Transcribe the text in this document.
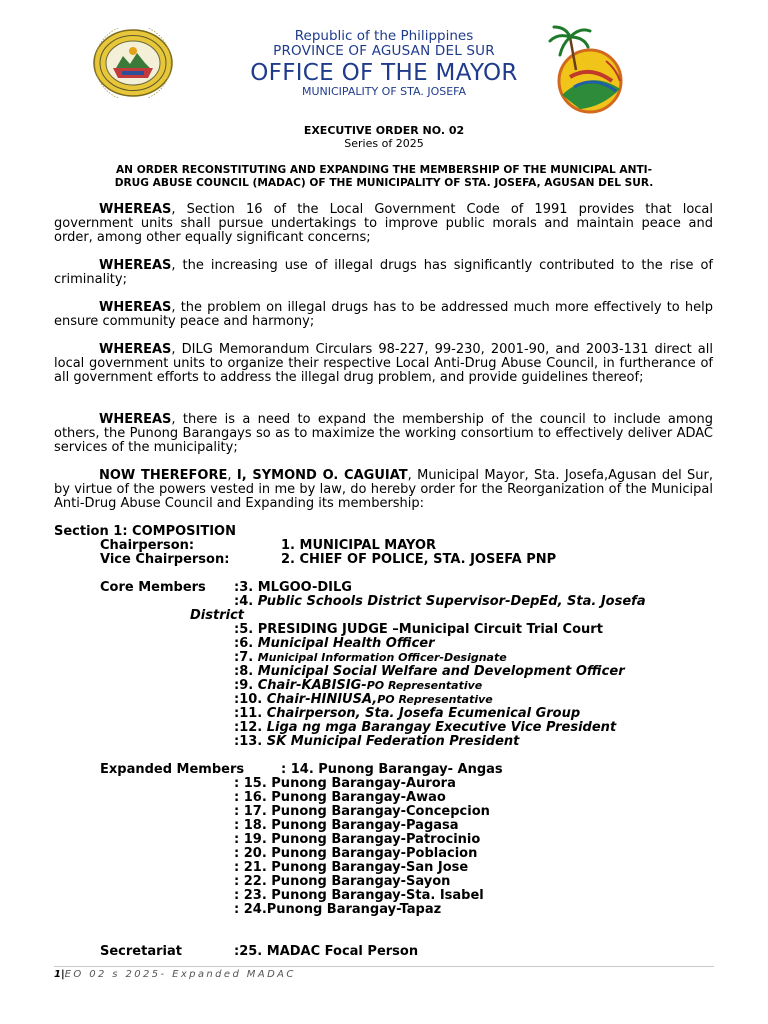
Republic of the Philippines
PROVINCE OF AGUSAN DEL SUR
OFFICE OF THE MAYOR
MUNICIPALITY OF STA. JOSEFA
EXECUTIVE ORDER NO. 02
Series of 2025
AN ORDER RECONSTITUTING AND EXPANDING THE MEMBERSHIP OF THE MUNICIPAL ANTI-
DRUG ABUSE COUNCIL (MADAC) OF THE MUNICIPALITY OF STA. JOSEFA, AGUSAN DEL SUR.

WHEREAS, Section 16 of the Local Government Code of 1991 provides that local government units shall pursue undertakings to improve public morals and maintain peace and order, among other equally significant concerns;

WHEREAS, the increasing use of illegal drugs has significantly contributed to the rise of criminality;

WHEREAS, the problem on illegal drugs has to be addressed much more effectively to help ensure community peace and harmony;

WHEREAS, DILG Memorandum Circulars 98-227, 99-230, 2001-90, and 2003-131 direct all local government units to organize their respective Local Anti-Drug Abuse Council, in furtherance of all government efforts to address the illegal drug problem, and provide guidelines thereof;

WHEREAS, there is a need to expand the membership of the council to include among others, the Punong Barangays so as to maximize the working consortium to effectively deliver ADAC services of the municipality;

NOW THEREFORE, I, SYMOND O. CAGUIAT, Municipal Mayor, Sta. Josefa,Agusan del Sur, by virtue of the powers vested in me by law, do hereby order for the Reorganization of the Municipal Anti-Drug Abuse Council and Expanding its membership:

Section 1: COMPOSITION
Chairperson:	1. MUNICIPAL MAYOR
Vice Chairperson:	2. CHIEF OF POLICE, STA. JOSEFA PNP
Core Members :3. MLGOO-DILG
:4. Public Schools District Supervisor-DepEd, Sta. Josefa
District
:5. PRESIDING JUDGE –Municipal Circuit Trial Court
:6. Municipal Health Officer
:7. Municipal Information Officer-Designate
:8. Municipal Social Welfare and Development Officer
:9. Chair-KABISIG-PO Representative
:10. Chair-HINIUSA,PO Representative
:11. Chairperson, Sta. Josefa Ecumenical Group
:12. Liga ng mga Barangay Executive Vice President
:13. SK Municipal Federation President
Expanded Members	: 14. Punong Barangay- Angas
: 15. Punong Barangay-Aurora
: 16. Punong Barangay-Awao
: 17. Punong Barangay-Concepcion
: 18. Punong Barangay-Pagasa
: 19. Punong Barangay-Patrocinio
: 20. Punong Barangay-Poblacion
: 21. Punong Barangay-San Jose
: 22. Punong Barangay-Sayon
: 23. Punong Barangay-Sta. Isabel
: 24.Punong Barangay-Tapaz
Secretariat	:25. MADAC Focal Person
1|EO 02 s 2025- Expanded MADAC
